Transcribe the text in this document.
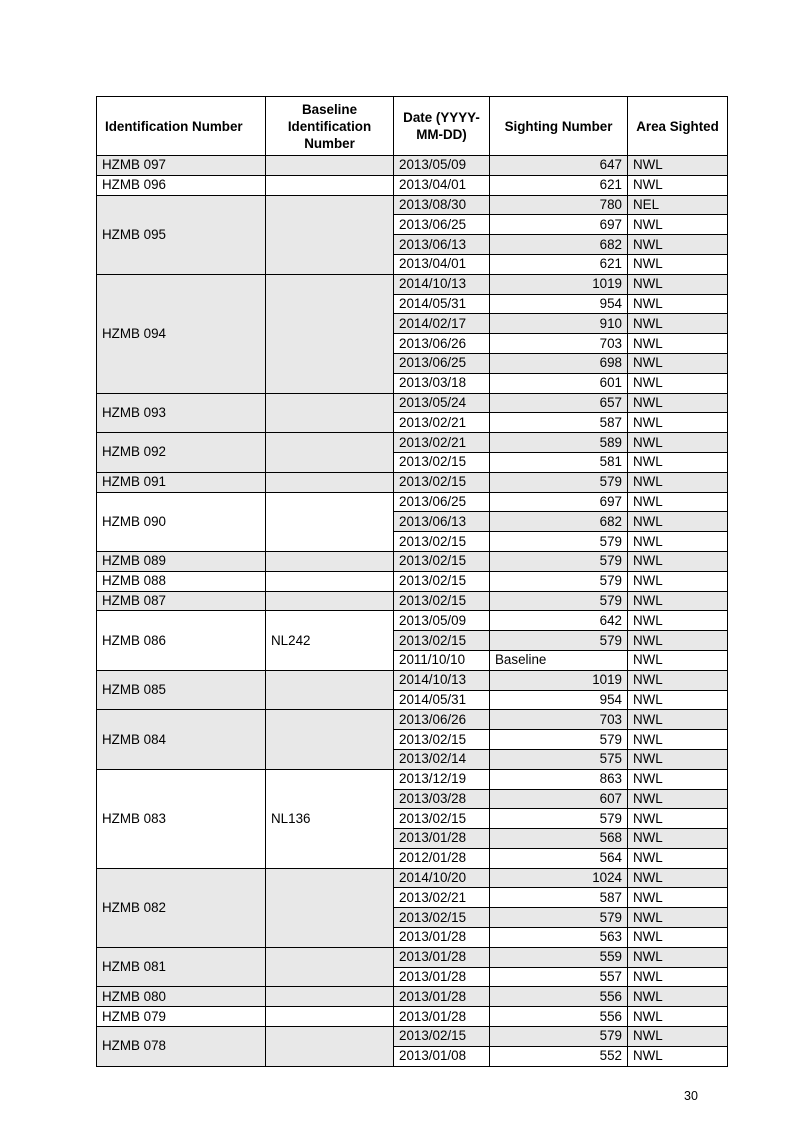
Identification Number	Baseline Identification Number	Date (YYYY-MM-DD)	Sighting Number	Area Sighted
HZMB 097		2013/05/09	647	NWL
HZMB 096		2013/04/01	621	NWL
HZMB 095		2013/08/30	780	NEL
		2013/06/25	697	NWL
		2013/06/13	682	NWL
		2013/04/01	621	NWL
HZMB 094		2014/10/13	1019	NWL
		2014/05/31	954	NWL
		2014/02/17	910	NWL
		2013/06/26	703	NWL
		2013/06/25	698	NWL
		2013/03/18	601	NWL
HZMB 093		2013/05/24	657	NWL
		2013/02/21	587	NWL
HZMB 092		2013/02/21	589	NWL
		2013/02/15	581	NWL
HZMB 091		2013/02/15	579	NWL
HZMB 090		2013/06/25	697	NWL
		2013/06/13	682	NWL
		2013/02/15	579	NWL
HZMB 089		2013/02/15	579	NWL
HZMB 088		2013/02/15	579	NWL
HZMB 087		2013/02/15	579	NWL
HZMB 086	NL242	2013/05/09	642	NWL
		2013/02/15	579	NWL
		2011/10/10	Baseline	NWL
HZMB 085		2014/10/13	1019	NWL
		2014/05/31	954	NWL
HZMB 084		2013/06/26	703	NWL
		2013/02/15	579	NWL
		2013/02/14	575	NWL
HZMB 083	NL136	2013/12/19	863	NWL
		2013/03/28	607	NWL
		2013/02/15	579	NWL
		2013/01/28	568	NWL
		2012/01/28	564	NWL
HZMB 082		2014/10/20	1024	NWL
		2013/02/21	587	NWL
		2013/02/15	579	NWL
		2013/01/28	563	NWL
HZMB 081		2013/01/28	559	NWL
		2013/01/28	557	NWL
HZMB 080		2013/01/28	556	NWL
HZMB 079		2013/01/28	556	NWL
HZMB 078		2013/02/15	579	NWL
		2013/01/08	552	NWL
30
